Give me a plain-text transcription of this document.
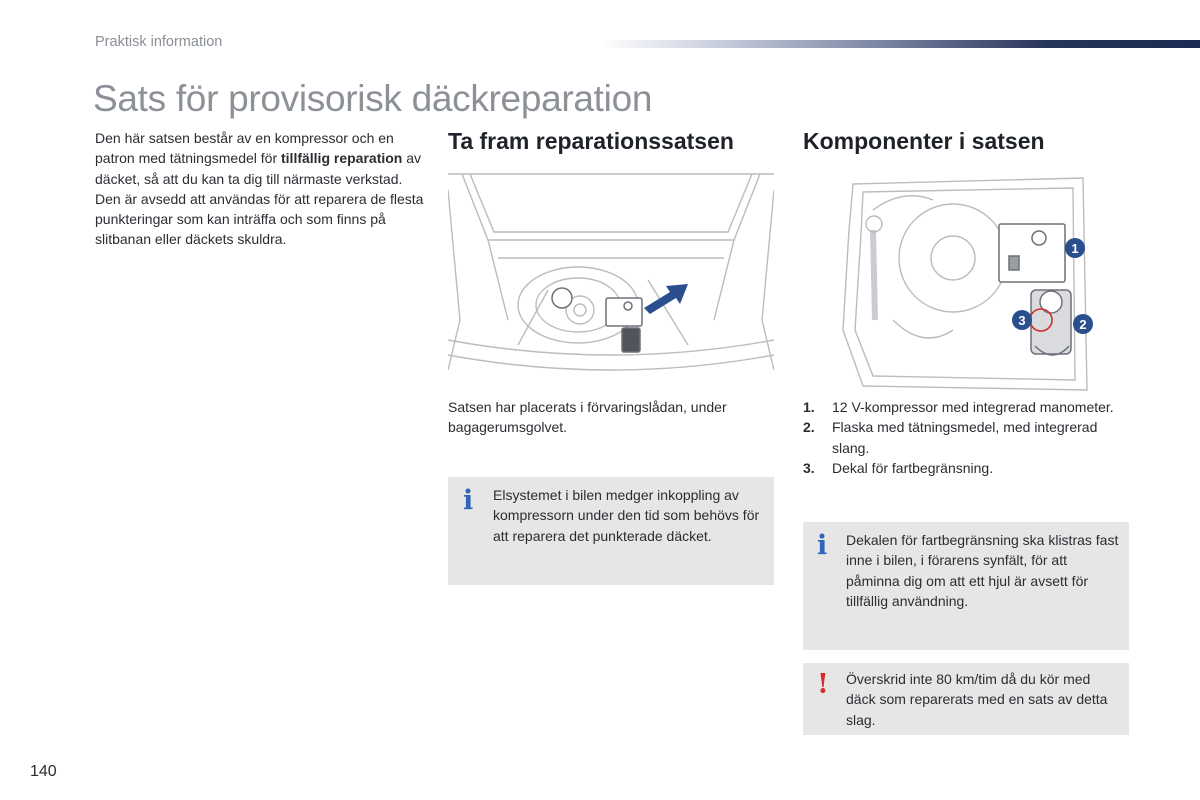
Praktisk information
Sats för provisorisk däckreparation

Den här satsen består av en kompressor och en patron med tätningsmedel för tillfällig reparation av däcket, så att du kan ta dig till närmaste verkstad.

Den är avsedd att användas för att reparera de flesta punkteringar som kan inträffa och som finns på slitbanan eller däckets skuldra.

Ta fram reparationssatsen
Satsen har placerats i förvaringslådan, under bagagerumsgolvet.
i Elsystemet i bilen medger inkoppling av kompressorn under den tid som behövs för att reparera det punkterade däcket.
Komponenter i satsen
1
2
3
1. 12 V-kompressor med integrerad manometer.
2. Flaska med tätningsmedel, med integrerad slang.
3. Dekal för fartbegränsning.
i Dekalen för fartbegränsning ska klistras fast inne i bilen, i förarens synfält, för att påminna dig om att ett hjul är avsett för tillfällig användning.
! Överskrid inte 80 km/tim då du kör med däck som reparerats med en sats av detta slag.
140
